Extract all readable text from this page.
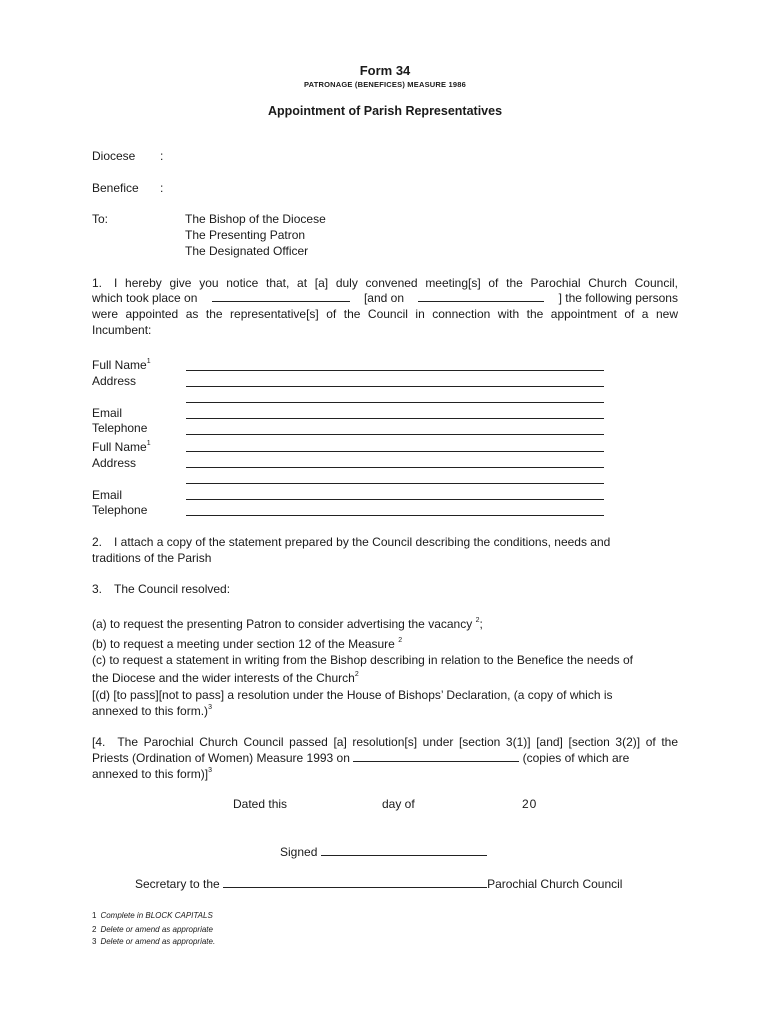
Form 34
PATRONAGE (BENEFICES) MEASURE 1986
Appointment of Parish Representatives
Diocese :
Benefice :
To:	The Bishop of the Diocese
The Presenting Patron
The Designated Officer
1. I hereby give you notice that, at [a] duly convened meeting[s] of the Parochial Church Council,
which took place on	[and on	] the following persons
were appointed as the representative[s] of the Council in connection with the appointment of a new
Incumbent:
Full Name$^1$
Address
Email
Telephone
Full Name$^1$
Address
Email
Telephone
2. I attach a copy of the statement prepared by the Council describing the conditions, needs and
traditions of the Parish
3. The Council resolved:
(a) to request the presenting Patron to consider advertising the vacancy $^2$;
(b) to request a meeting under section 12 of the Measure $^2$
(c) to request a statement in writing from the Bishop describing in relation to the Benefice the needs of
the Diocese and the wider interests of the Church$^2$
[(d) [to pass][not to pass] a resolution under the House of Bishops’ Declaration, (a copy of which is
annexed to this form.)$^3$
[4. The Parochial Church Council passed [a] resolution[s] under [section 3(1)] [and] [section 3(2)] of the
Priests (Ordination of Women) Measure 1993 on	(copies of which are
annexed to this form)]$^3$
Dated this	day of	20
Signed
Secretary to the	Parochial Church Council
1 Complete in BLOCK CAPITALS
2 Delete or amend as appropriate
3 Delete or amend as appropriate.
